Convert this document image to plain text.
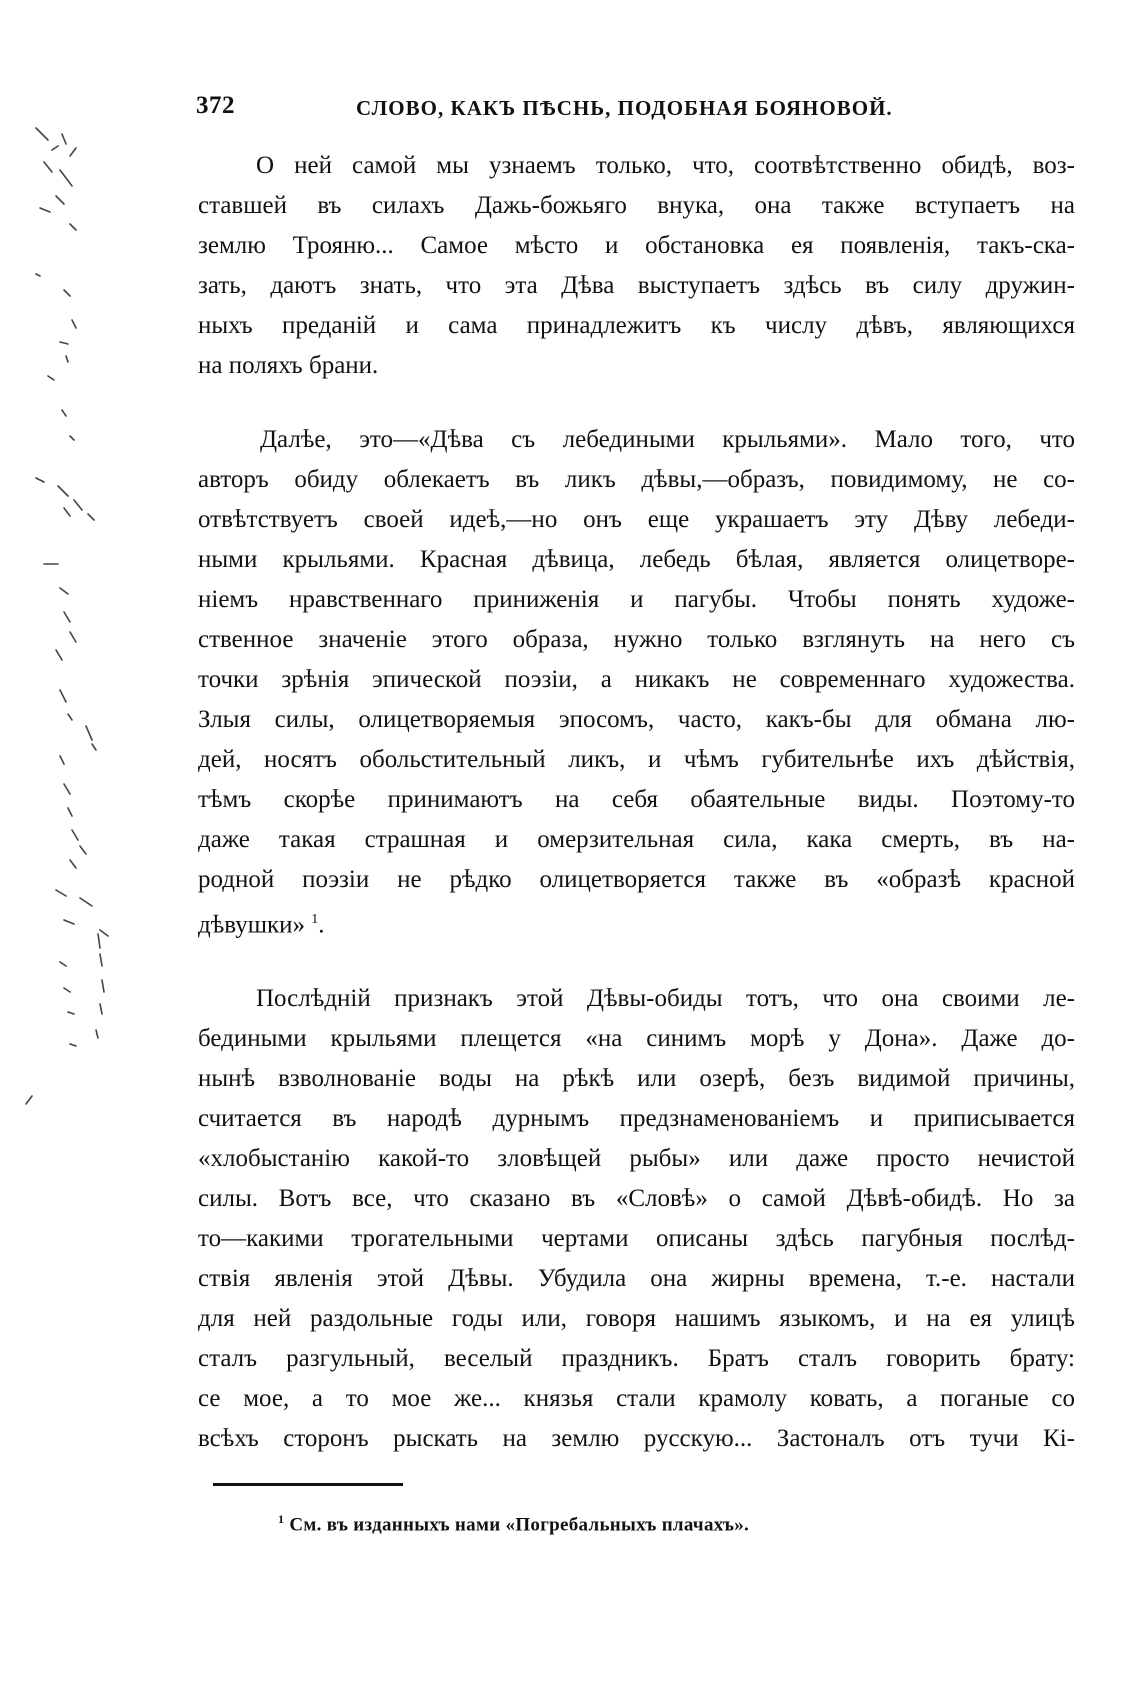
372	СЛОВО, КАКЪ ПѢСНЬ, ПОДОБНАЯ БОЯНОВОЙ.

О ней самой мы узнаемъ только, что, соотвѣтственно обидѣ, воз-
ставшей въ силахъ Дажь-божьяго внука, она также вступаетъ на
землю Трояню... Самое мѣсто и обстановка ея появленія, такъ-ска-
зать, даютъ знать, что эта Дѣва выступаетъ здѣсь въ силу дружин-
ныхъ преданій и сама принадлежитъ къ числу дѣвъ, являющихся
на поляхъ брани.

Далѣе, это—«Дѣва съ лебедиными крыльями». Мало того, что
авторъ обиду облекаетъ въ ликъ дѣвы,—образъ, повидимому, не со-
отвѣтствуетъ своей идеѣ,—но онъ еще украшаетъ эту Дѣву лебеди-
ными крыльями. Красная дѣвица, лебедь бѣлая, является олицетворе-
ніемъ нравственнаго приниженія и пагубы. Чтобы понять художе-
ственное значеніе этого образа, нужно только взглянуть на него съ
точки зрѣнія эпической поэзіи, а никакъ не современнаго художества.
Злыя силы, олицетворяемыя эпосомъ, часто, какъ-бы для обмана лю-
дей, носятъ обольстительный ликъ, и чѣмъ губительнѣе ихъ дѣйствія,
тѣмъ скорѣе принимаютъ на себя обаятельные виды. Поэтому-то
даже такая страшная и омерзительная сила, кака смерть, въ на-
родной поэзіи не рѣдко олицетворяется также въ «образѣ красной
дѣвушки» $^1$.

Послѣдній признакъ этой Дѣвы-обиды тотъ, что она своими ле-
бедиными крыльями плещется «на синимъ морѣ у Дона». Даже до-
нынѣ взволнованіе воды на рѣкѣ или озерѣ, безъ видимой причины,
считается въ народѣ дурнымъ предзнаменованіемъ и приписывается
«хлобыстанію какой-то зловѣщей рыбы» или даже просто нечистой
силы. Вотъ все, что сказано въ «Словѣ» о самой Дѣвѣ-обидѣ. Но за
то—какими трогательными чертами описаны здѣсь пагубныя послѣд-
ствія явленія этой Дѣвы. Убудила она жирны времена, т.-е. настали
для ней раздольные годы или, говоря нашимъ языкомъ, и на ея улицѣ
сталъ разгульный, веселый праздникъ. Братъ сталъ говорить брату:
се мое, а то мое же... князья стали крамолу ковать, а поганые со
всѣхъ сторонъ рыскать на землю русскую... Застоналъ отъ тучи Кі-

$^1$ См. въ изданныхъ нами «Погребальныхъ плачахъ».
